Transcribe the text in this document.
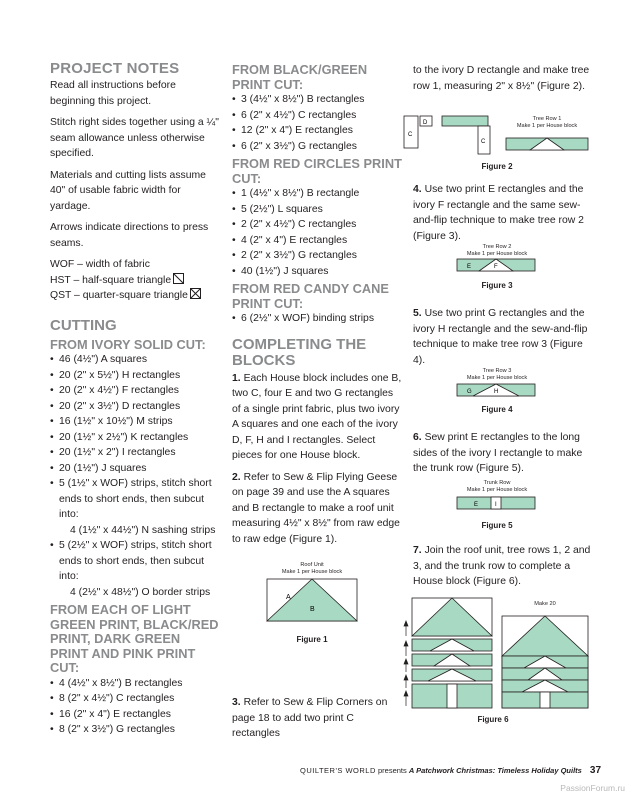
PROJECT NOTES

Read all instructions before beginning this project.

Stitch right sides together using a ¼" seam allowance unless otherwise specified.

Materials and cutting lists assume 40" of usable fabric width for yardage.

Arrows indicate directions to press seams.

WOF – width of fabric

HST – half-square triangle

QST – quarter-square triangle

CUTTING
FROM IVORY SOLID CUT:
• 46 (4½") A squares
• 20 (2" x 5½") H rectangles
• 20 (2" x 4½") F rectangles
• 20 (2" x 3½") D rectangles
• 16 (1½" x 10½") M strips
• 20 (1½" x 2½") K rectangles
• 20 (1½" x 2") I rectangles
• 20 (1½") J squares
• 5 (1½" x WOF) strips, stitch short ends to short ends, then subcut into:
4 (1½" x 44½") N sashing strips
• 5 (2½" x WOF) strips, stitch short ends to short ends, then subcut into:
4 (2½" x 48½") O border strips
FROM EACH OF LIGHT GREEN PRINT, BLACK/RED PRINT, DARK GREEN PRINT AND PINK PRINT CUT:
• 4 (4½" x 8½") B rectangles
• 8 (2" x 4½") C rectangles
• 16 (2" x 4") E rectangles
• 8 (2" x 3½") G rectangles
FROM BLACK/GREEN PRINT CUT:
• 3 (4½" x 8½") B rectangles
• 6 (2" x 4½") C rectangles
• 12 (2" x 4") E rectangles
• 6 (2" x 3½") G rectangles
FROM RED CIRCLES PRINT CUT:
• 1 (4½" x 8½") B rectangle
• 5 (2½") L squares
• 2 (2" x 4½") C rectangles
• 4 (2" x 4") E rectangles
• 2 (2" x 3½") G rectangles
• 40 (1½") J squares
FROM RED CANDY CANE PRINT CUT:
• 6 (2½" x WOF) binding strips
COMPLETING THE BLOCKS

1. Each House block includes one B, two C, four E and two G rectangles of a single print fabric, plus two ivory A squares and one each of the ivory D, F, H and I rectangles. Select pieces for one House block.

2. Refer to Sew & Flip Flying Geese on page 39 and use the A squares and B rectangle to make a roof unit measuring 4½" x 8½" from raw edge to raw edge (Figure 1).

3. Refer to Sew & Flip Corners on page 18 to add two print C rectangles

Roof Unit
Make 1 per House block
A
B
Figure 1

to the ivory D rectangle and make tree row 1, measuring 2" x 8½" (Figure 2).

C
D
C
Tree Row 1
Make 1 per House block
Figure 2

4. Use two print E rectangles and the ivory F rectangle and the same sew-and-flip technique to make tree row 2 (Figure 3).

Tree Row 2
Make 1 per House block
E	F
Figure 3

5. Use two print G rectangles and the ivory H rectangle and the sew-and-flip technique to make tree row 3 (Figure 4).

Tree Row 3
Make 1 per House block
G	H
Figure 4

6. Sew print E rectangles to the long sides of the ivory I rectangle to make the trunk row (Figure 5).

Trunk Row
Make 1 per House block
E	I
Figure 5

7. Join the roof unit, tree rows 1, 2 and 3, and the trunk row to complete a House block (Figure 6).

Make 20
Figure 6
QUILTER'S WORLD presents A Patchwork Christmas: Timeless Holiday Quilts 37
PassionForum.ru
